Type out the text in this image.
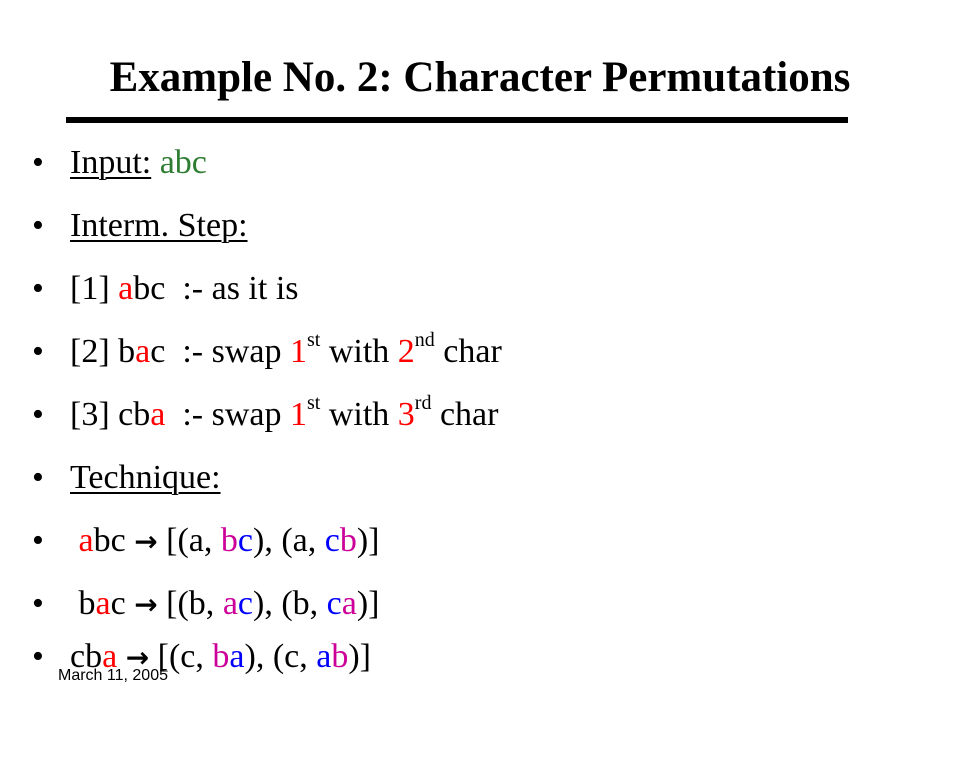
Example No. 2: Character Permutations

• Input: abc

• Interm. Step:

• [1] abc  :- as it is

• [2] bac  :- swap 1st with 2nd char

• [3] cba  :- swap 1st with 3rd char

• Technique:

•	abc → [(a, bc), (a, cb)]

•	bac → [(b, ac), (b, ca)]

• cba → [(c, ba), (c, ab)]

March 11, 2005
